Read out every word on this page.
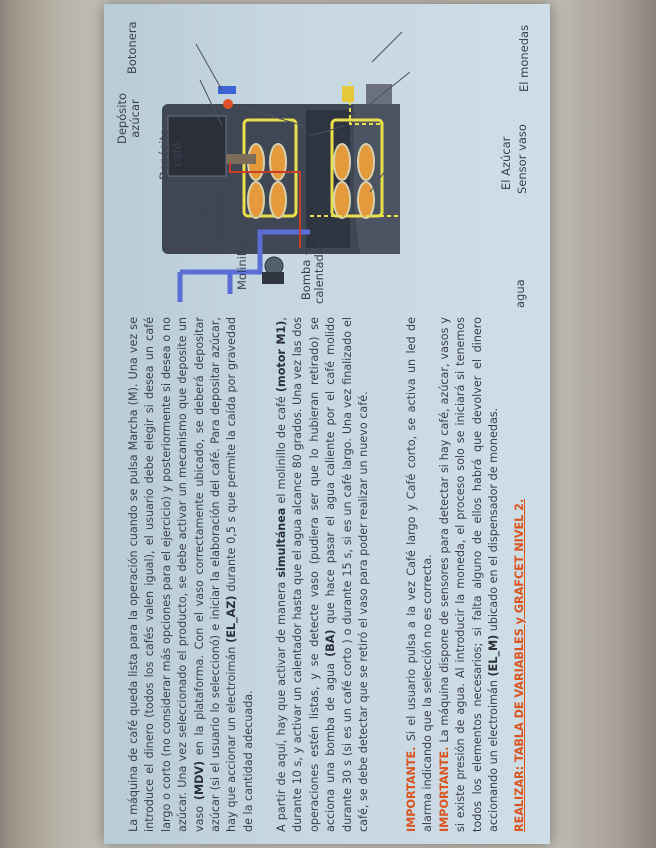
La máquina de café queda lista para la operación cuando se pulsa Marcha (M). Una vez se introduce el dinero (todos los cafés valen igual), el usuario debe elegir si desea un café largo o corto (no considerar más opciones para el ejercicio) y posteriormente si desea o no azúcar. Una vez seleccionado el producto, se debe activar un mecanismo que deposite un vaso (MDV) en la plataforma. Con el vaso correctamente ubicado, se deberá depositar azúcar (si el usuario lo seleccionó) e iniciar la elaboración del café. Para depositar azúcar, hay que accionar un electroimán (EL_AZ) durante 0,5 s que permite la caída por gravedad de la cantidad adecuada. A partir de aquí, hay que activar de manera simultánea el molinillo de café (motor M1), durante 10 s, y activar un calentador hasta que el agua alcance 80 grados. Una vez las dos operaciones estén listas, y se detecte vaso (pudiera ser que lo hubieran retirado) se acciona una bomba de agua (BA) que hace pasar el agua caliente por el café molido durante 30 s (si es un café corto ) o durante 15 s, si es un café largo. Una vez finalizado el café, se debe detectar que se retiró el vaso para poder realizar un nuevo café.	IMPORTANTE. Si el usuario pulsa a la vez Café largo y Café corto, se activa un led de alarma indicando que la selección no es correcta. IMPORTANTE. La máquina dispone de sensores para detectar si hay café, azúcar, vasos y si existe presión de agua. Al introducir la moneda, el proceso solo se iniciará si tenemos todos los elementos necesarios; si falta alguno de ellos habrá que devolver el dinero accionando un electroimán (EL_M) ubicado en el dispensador de monedas. REALIZAR: TABLA DE VARIABLES y GRAFCET NIVEL 2.
El monedas
Botonera
Depósito
azúcar
Depósito
café
Led
alarma
Molinillo	Bomba +
calentador	agua
El Azúcar Sensor vaso
